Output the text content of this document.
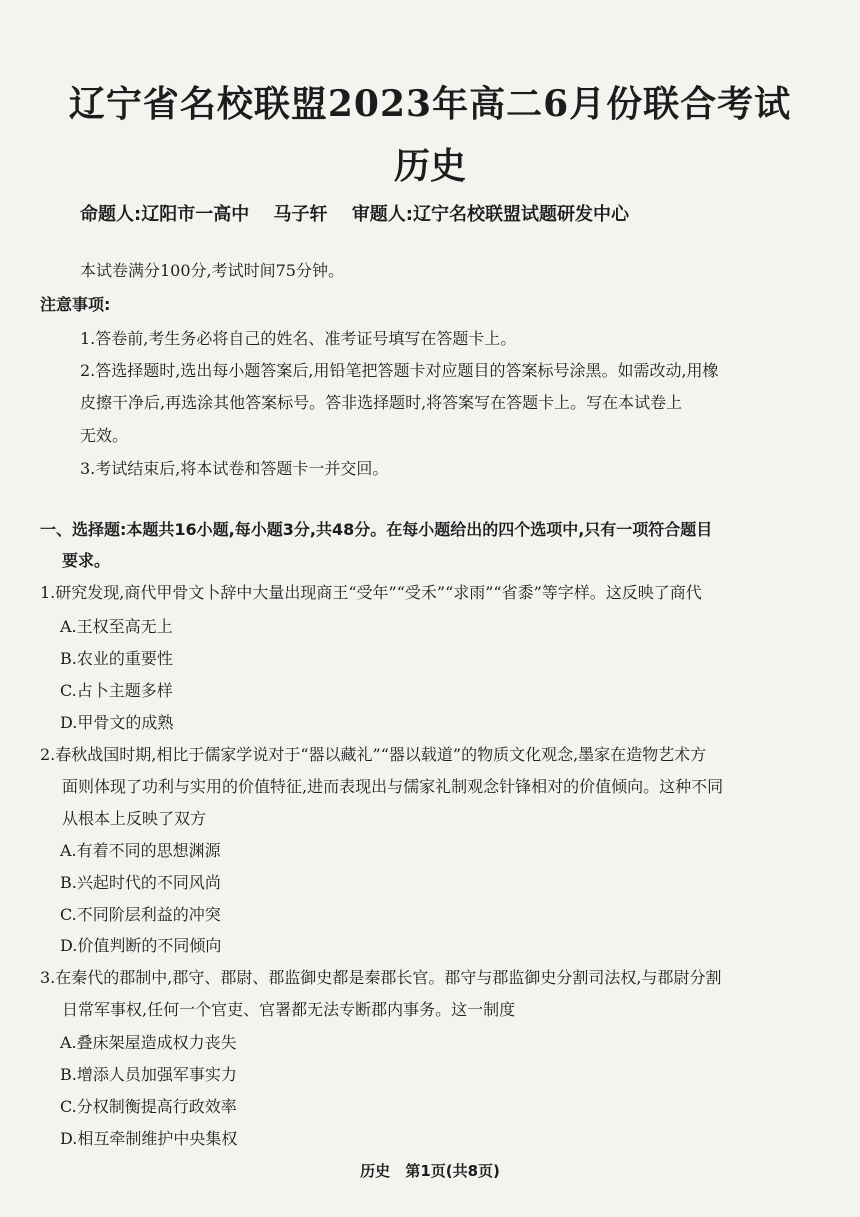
辽宁省名校联盟2023年高二6月份联合考试
历史
命题人:辽阳市一高中 马子轩 审题人:辽宁名校联盟试题研发中心
本试卷满分100分,考试时间75分钟。
注意事项:
1.答卷前,考生务必将自己的姓名、准考证号填写在答题卡上。
2.答选择题时,选出每小题答案后,用铅笔把答题卡对应题目的答案标号涂黑。如需改动,用橡
皮擦干净后,再选涂其他答案标号。答非选择题时,将答案写在答题卡上。写在本试卷上
无效。
3.考试结束后,将本试卷和答题卡一并交回。
一、选择题:本题共16小题,每小题3分,共48分。在每小题给出的四个选项中,只有一项符合题目
要求。
1.研究发现,商代甲骨文卜辞中大量出现商王“受年”“受禾”“求雨”“省黍”等字样。这反映了商代
A.王权至高无上
B.农业的重要性
C.占卜主题多样
D.甲骨文的成熟
2.春秋战国时期,相比于儒家学说对于“器以藏礼”“器以载道”的物质文化观念,墨家在造物艺术方
面则体现了功利与实用的价值特征,进而表现出与儒家礼制观念针锋相对的价值倾向。这种不同
从根本上反映了双方
A.有着不同的思想渊源
B.兴起时代的不同风尚
C.不同阶层利益的冲突
D.价值判断的不同倾向
3.在秦代的郡制中,郡守、郡尉、郡监御史都是秦郡长官。郡守与郡监御史分割司法权,与郡尉分割
日常军事权,任何一个官吏、官署都无法专断郡内事务。这一制度
A.叠床架屋造成权力丧失
B.增添人员加强军事实力
C.分权制衡提高行政效率
D.相互牵制维护中央集权
历史 第1页(共8页)
